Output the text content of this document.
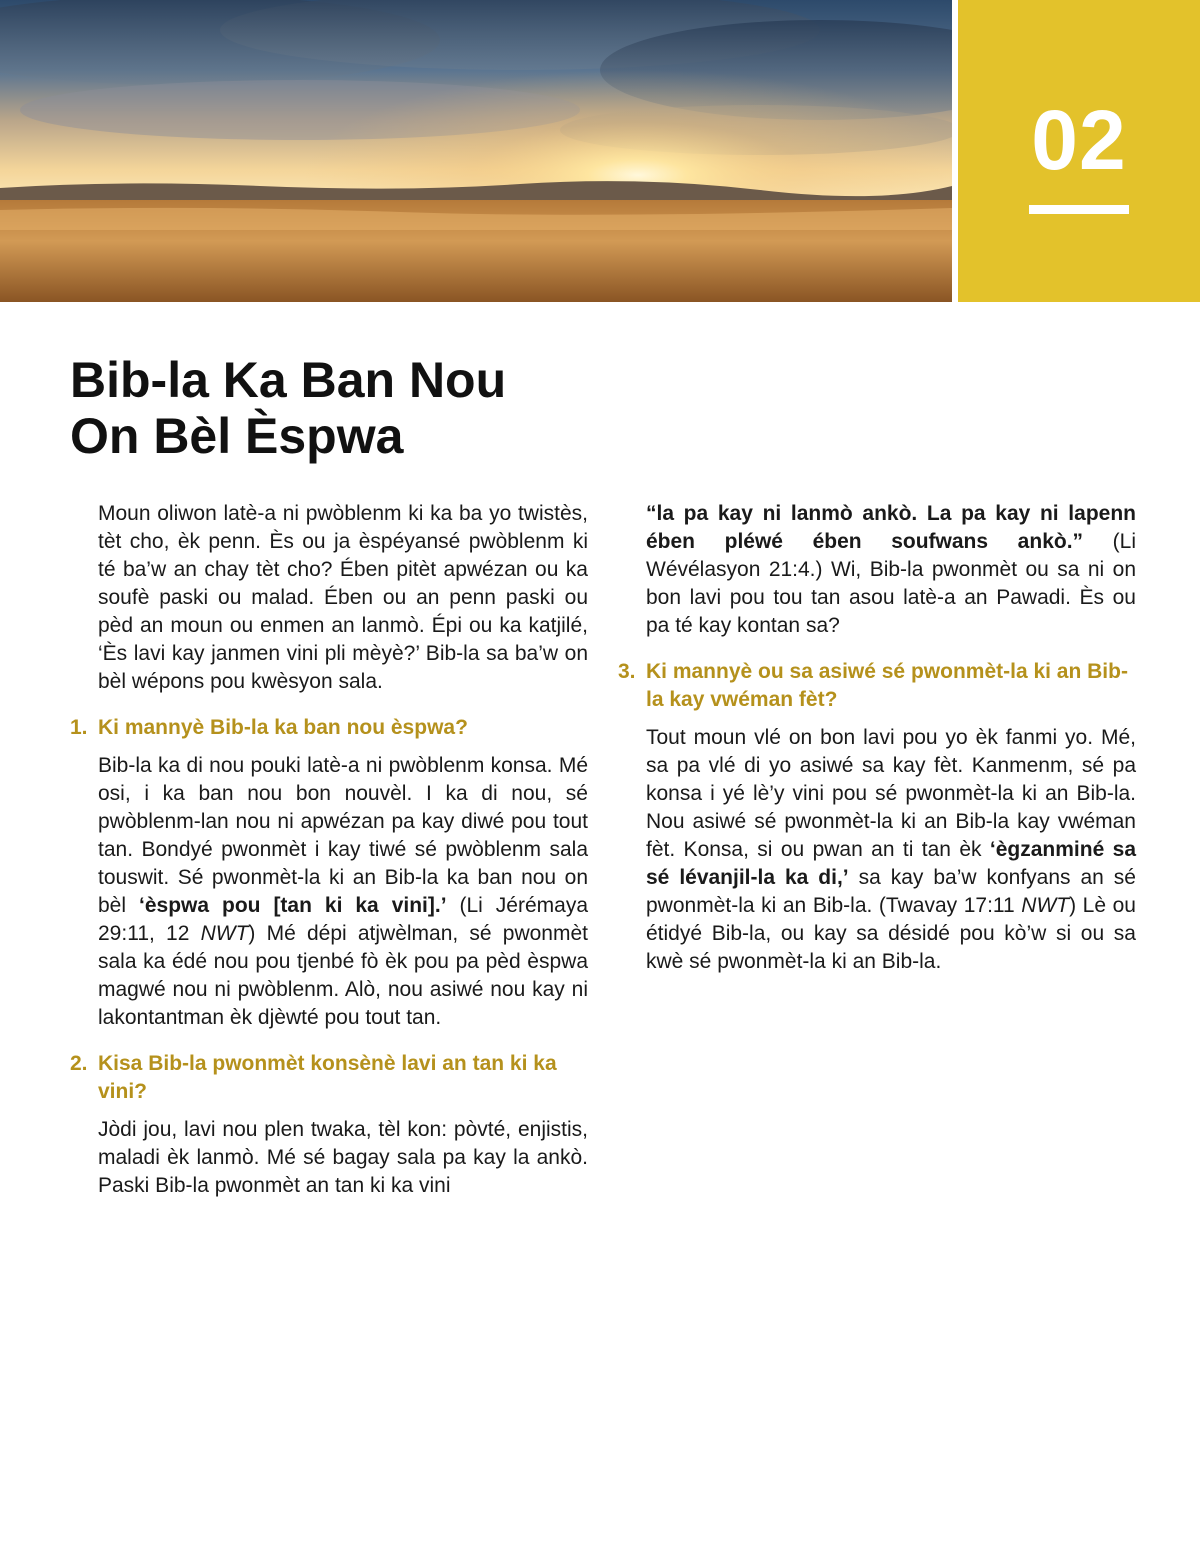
02
Bib-la Ka Ban Nou
On Bèl Èspwa

Moun oliwon latè-a ni pwòblenm ki ka ba yo twistès, tèt cho, èk penn. Ès ou ja èspéyansé pwòblenm ki té ba’w an chay tèt cho? Ében pitèt apwézan ou ka soufè paski ou malad. Ében ou an penn paski ou pèd an moun ou enmen an lanmò. Épi ou ka katjilé, ‘Ès lavi kay janmen vini pli mèyè?’ Bib-la sa ba’w on bèl wépons pou kwèsyon sala.

1. Ki mannyè Bib-la ka ban nou èspwa?

Bib-la ka di nou pouki latè-a ni pwòblenm konsa. Mé osi, i ka ban nou bon nouvèl. I ka di nou, sé pwòblenm-lan nou ni apwézan pa kay diwé pou tout tan. Bondyé pwonmèt i kay tiwé sé pwòblenm sala touswit. Sé pwonmèt-la ki an Bib-la ka ban nou on bèl ‘èspwa pou [tan ki ka vini].’ (Li Jérémaya 29:11, 12 NWT) Mé dépi atjwèlman, sé pwonmèt sala ka édé nou pou tjenbé fò èk pou pa pèd èspwa magwé nou ni pwòblenm. Alò, nou asiwé nou kay ni lakontantman èk djèwté pou tout tan.

2. Kisa Bib-la pwonmèt konsènè lavi an tan ki ka vini?

Jòdi jou, lavi nou plen twaka, tèl kon: pòvté, enjistis, maladi èk lanmò. Mé sé bagay sala pa kay la ankò. Paski Bib-la pwonmèt an tan ki ka vini

“la pa kay ni lanmò ankò. La pa kay ni lapenn ében pléwé ében soufwans ankò.” (Li Wévélasyon 21:4.) Wi, Bib-la pwonmèt ou sa ni on bon lavi pou tou tan asou latè-a an Pawadi. Ès ou pa té kay kontan sa?

3. Ki mannyè ou sa asiwé sé pwonmèt-la ki an Bib-la kay vwéman fèt?

Tout moun vlé on bon lavi pou yo èk fanmi yo. Mé, sa pa vlé di yo asiwé sa kay fèt. Kanmenm, sé pa konsa i yé lè’y vini pou sé pwonmèt-la ki an Bib-la. Nou asiwé sé pwonmèt-la ki an Bib-la kay vwéman fèt. Konsa, si ou pwan an ti tan èk ‘ègzanminé sa sé lévanjil-la ka di,’ sa kay ba’w konfyans an sé pwonmèt-la ki an Bib-la. (Twavay 17:11 NWT) Lè ou étidyé Bib-la, ou kay sa désidé pou kò’w si ou sa kwè sé pwonmèt-la ki an Bib-la.
